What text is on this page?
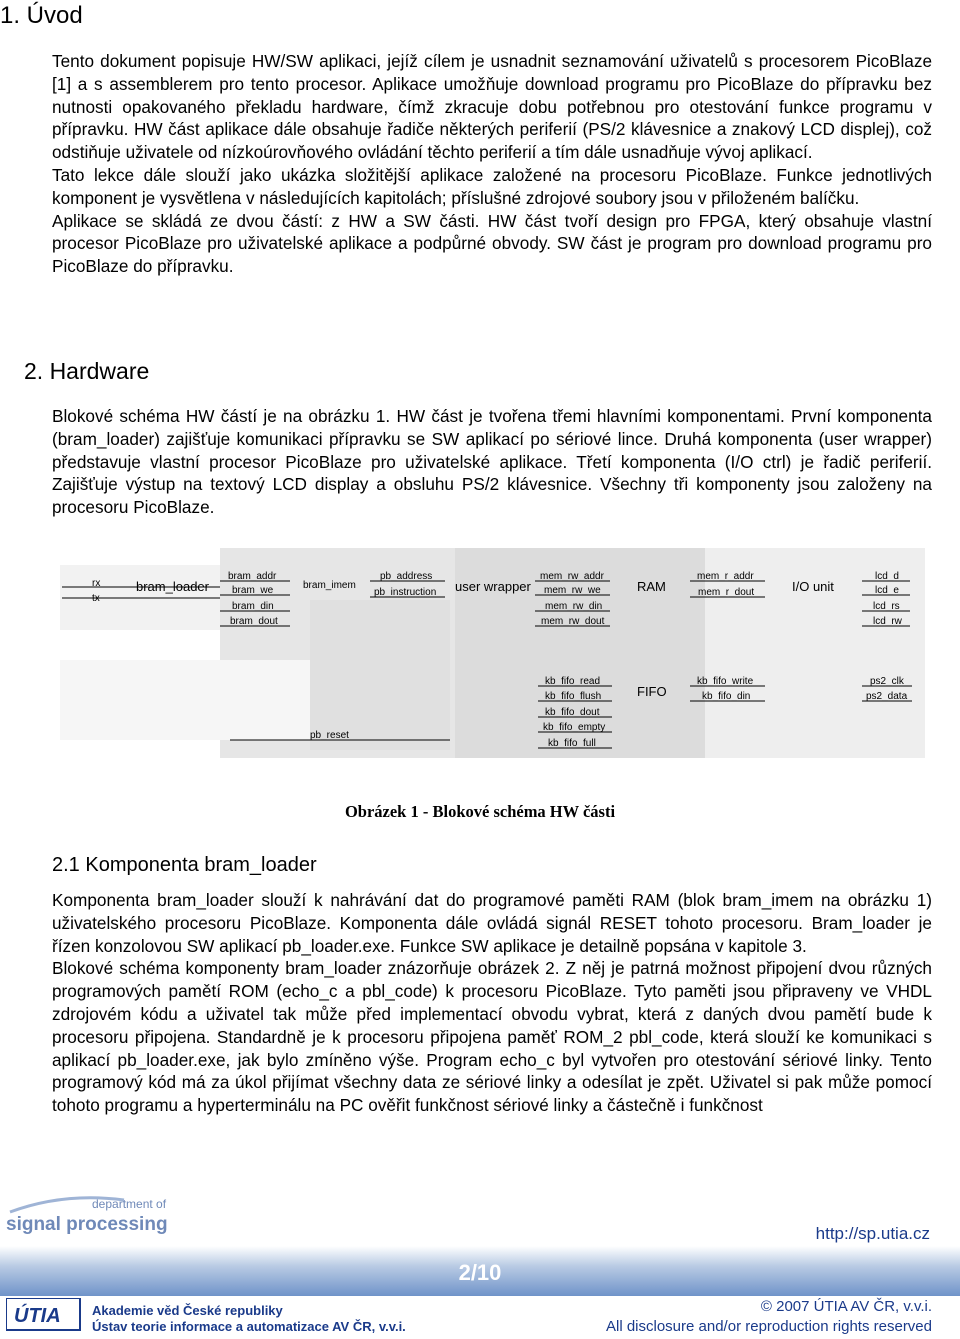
1. Úvod

Tento dokument popisuje HW/SW aplikaci, jejíž cílem je usnadnit seznamování uživatelů s procesorem PicoBlaze [1] a s assemblerem pro tento procesor. Aplikace umožňuje download programu pro PicoBlaze do přípravku bez nutnosti opakovaného překladu hardware, čímž zkracuje dobu potřebnou pro otestování funkce programu v přípravku. HW část aplikace dále obsahuje řadiče některých periferií (PS/2 klávesnice a znakový LCD displej), což odstiňuje uživatele od nízkoúrovňového ovládání těchto periferií a tím dále usnadňuje vývoj aplikací.

Tato lekce dále slouží jako ukázka složitější aplikace založené na procesoru PicoBlaze. Funkce jednotlivých komponent je vysvětlena v následujících kapitolách; příslušné zdrojové soubory jsou v přiloženém balíčku.

Aplikace se skládá ze dvou částí: z HW a SW části. HW část tvoří design pro FPGA, který obsahuje vlastní procesor PicoBlaze pro uživatelské aplikace a podpůrné obvody. SW část je program pro download programu pro PicoBlaze do přípravku.

2. Hardware

Blokové schéma HW částí je na obrázku 1. HW část je tvořena třemi hlavními komponentami. První komponenta (bram_loader) zajišťuje komunikaci přípravku se SW aplikací po sériové lince. Druhá komponenta (user wrapper) představuje vlastní procesor PicoBlaze pro uživatelské aplikace. Třetí komponenta (I/O ctrl) je řadič periferií. Zajišťuje výstup na textový LCD display a obsluhu PS/2 klávesnice. Všechny tři komponenty jsou založeny na procesoru PicoBlaze.

rx
tx
bram_loader
bram_addr
bram_we
bram_din
bram_dout
bram_imem
pb_address
pb_instruction user wrapper
mem_rw_addr
mem_rw_we
mem_rw_din
mem_rw_dout
RAM
mem_r_addr
mem_r_dout	I/O unit
lcd_d
lcd_e
lcd_rs
lcd_rw
kb_fifo_read
kb_fifo_flush
kb_fifo_dout
kb_fifo_empty
kb_fifo_full
FIFO
kb_fifo_write
kb_fifo_din
ps2_clk
ps2_data
pb_reset
Obrázek 1 - Blokové schéma HW části
2.1 Komponenta bram_loader

Komponenta bram_loader slouží k nahrávání dat do programové paměti RAM (blok bram_imem na obrázku 1) uživatelského procesoru PicoBlaze. Komponenta dále ovládá signál RESET tohoto procesoru. Bram_loader je řízen konzolovou SW aplikací pb_loader.exe. Funkce SW aplikace je detailně popsána v kapitole 3.

Blokové schéma komponenty bram_loader znázorňuje obrázek 2. Z něj je patrná možnost připojení dvou různých programových pamětí ROM (echo_c a pbl_code) k procesoru PicoBlaze. Tyto paměti jsou připraveny ve VHDL zdrojovém kódu a uživatel tak může před implementací obvodu vybrat, která z daných dvou pamětí bude k procesoru připojena. Standardně je k procesoru připojena paměť ROM_2 pbl_code, která slouží ke komunikaci s aplikací pb_loader.exe, jak bylo zmíněno výše. Program echo_c byl vytvořen pro otestování sériové linky. Tento programový kód má za úkol přijímat všechny data ze sériové linky a odesílat je zpět. Uživatel si pak může pomocí tohoto programu a hyperterminálu na PC ověřit funkčnost sériové linky a částečně i funkčnost

department of
signal processing	http://sp.utia.cz
2/10
ÚTIA Akademie věd České republiky
Ústav teorie informace a automatizace AV ČR, v.v.i.
© 2007 ÚTIA AV ČR, v.v.i.
All disclosure and/or reproduction rights reserved
